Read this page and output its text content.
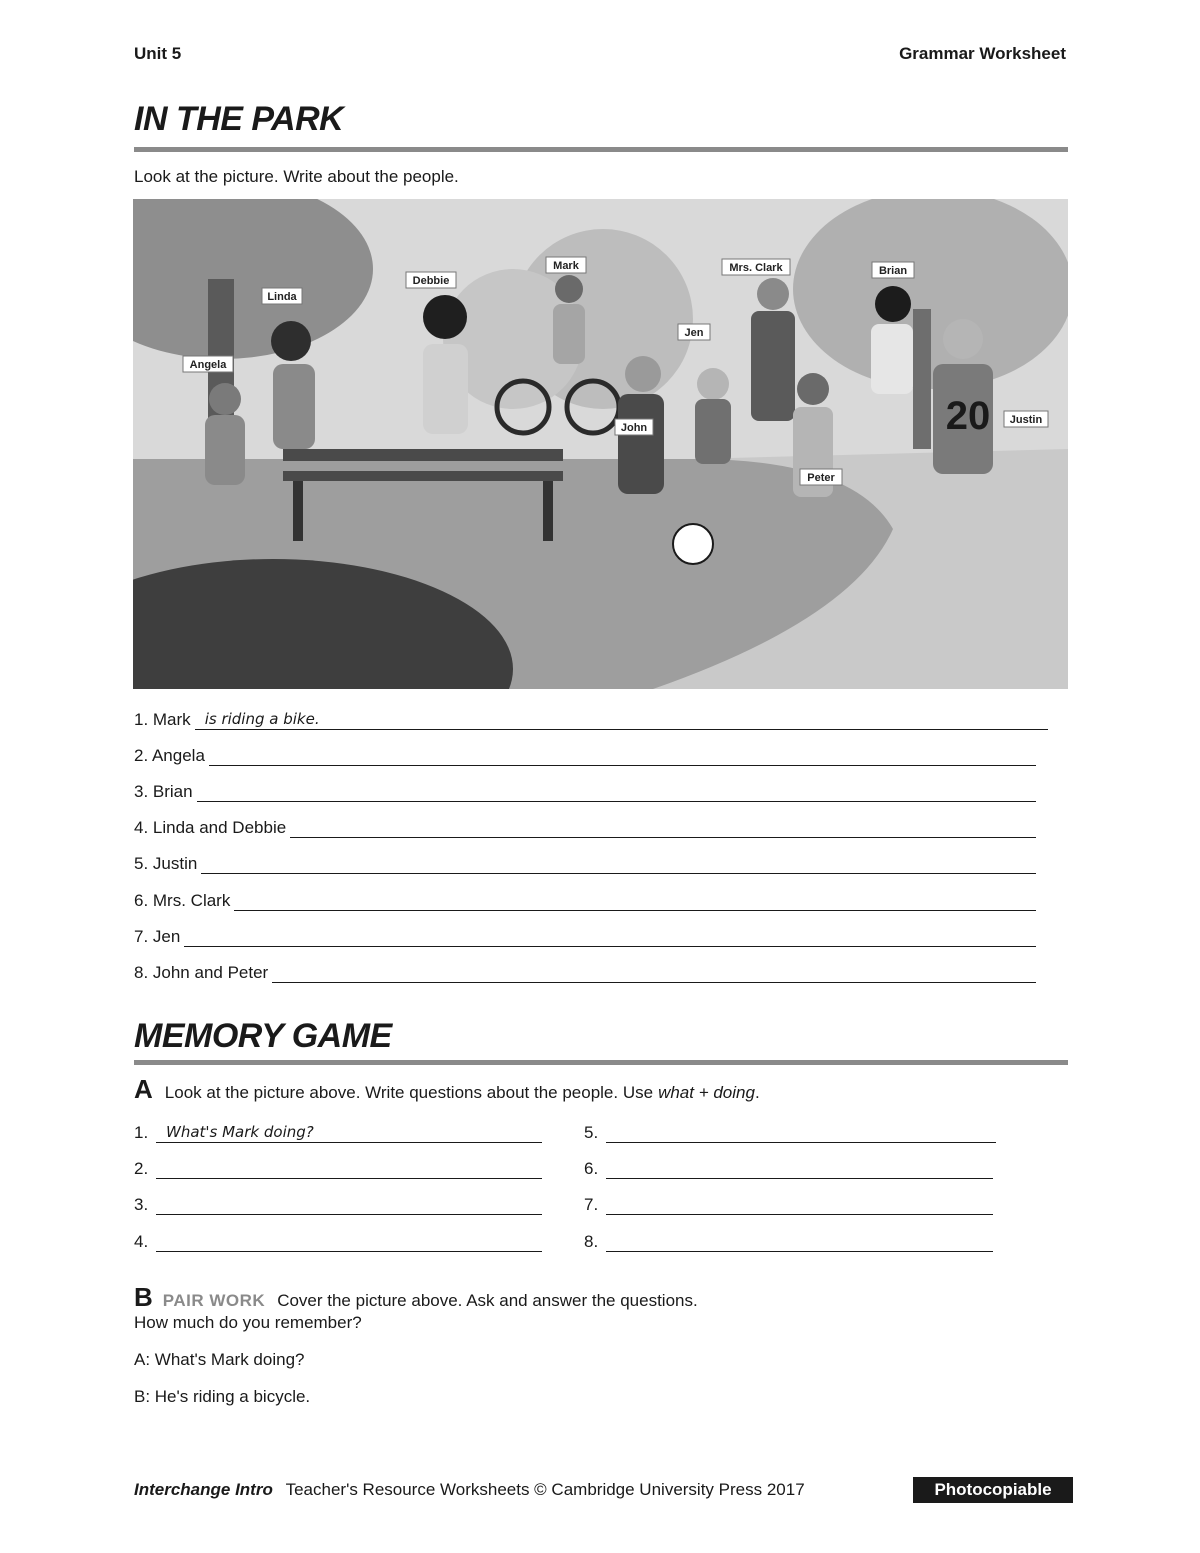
Unit 5	Grammar Worksheet
IN THE PARK
Look at the picture. Write about the people.
20
Angela
Linda
Debbie
Mark	Mrs. Clark
Jen
Brian
John
Justin
Peter
1. Mark is riding a bike.
2. Angela
3. Brian
4. Linda and Debbie
5. Justin
6. Mrs. Clark
7. Jen
8. John and Peter
MEMORY GAME
A Look at the picture above. Write questions about the people. Use what + doing .
1.	What's Mark doing?
2.
3.
4.
5.
6.
7.
8.
B PAIR WORK Cover the picture above. Ask and answer the questions.
How much do you remember?
A: What's Mark doing?
B: He's riding a bicycle.
Interchange Intro Teacher's Resource Worksheets © Cambridge University Press 2017	Photocopiable
